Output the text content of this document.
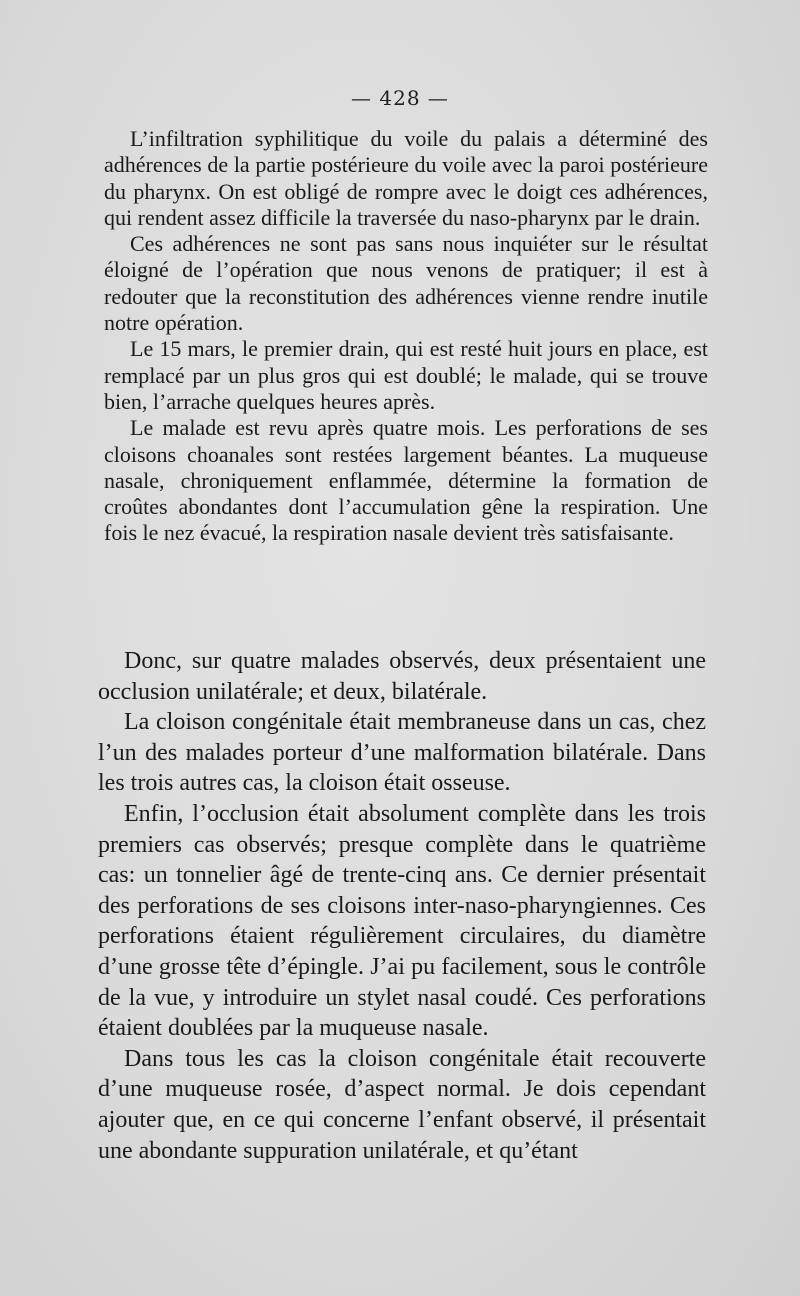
— 428 —

L’infiltration syphilitique du voile du palais a déterminé des adhérences de la partie postérieure du voile avec la paroi postérieure du pharynx. On est obligé de rompre avec le doigt ces adhérences, qui rendent assez difficile la traversée du naso-pharynx par le drain.

Ces adhérences ne sont pas sans nous inquiéter sur le résultat éloigné de l’opération que nous venons de pratiquer; il est à redouter que la reconstitution des adhérences vienne rendre inutile notre opération.

Le 15 mars, le premier drain, qui est resté huit jours en place, est remplacé par un plus gros qui est doublé; le malade, qui se trouve bien, l’arrache quelques heures après.

Le malade est revu après quatre mois. Les perforations de ses cloisons choanales sont restées largement béantes. La muqueuse nasale, chroniquement enflammée, détermine la formation de croûtes abondantes dont l’accumulation gêne la respiration. Une fois le nez évacué, la respiration nasale devient très satisfaisante.

Donc, sur quatre malades observés, deux présentaient une occlusion unilatérale; et deux, bilatérale.

La cloison congénitale était membraneuse dans un cas, chez l’un des malades porteur d’une malformation bilatérale. Dans les trois autres cas, la cloison était osseuse.

Enfin, l’occlusion était absolument complète dans les trois premiers cas observés; presque complète dans le quatrième cas: un tonnelier âgé de trente-cinq ans. Ce dernier présentait des perforations de ses cloisons inter-naso-pharyngiennes. Ces perforations étaient régulièrement circulaires, du diamètre d’une grosse tête d’épingle. J’ai pu facilement, sous le contrôle de la vue, y introduire un stylet nasal coudé. Ces perforations étaient doublées par la muqueuse nasale.

Dans tous les cas la cloison congénitale était recouverte d’une muqueuse rosée, d’aspect normal. Je dois cependant ajouter que, en ce qui concerne l’enfant observé, il présentait une abondante suppuration unilatérale, et qu’étant
